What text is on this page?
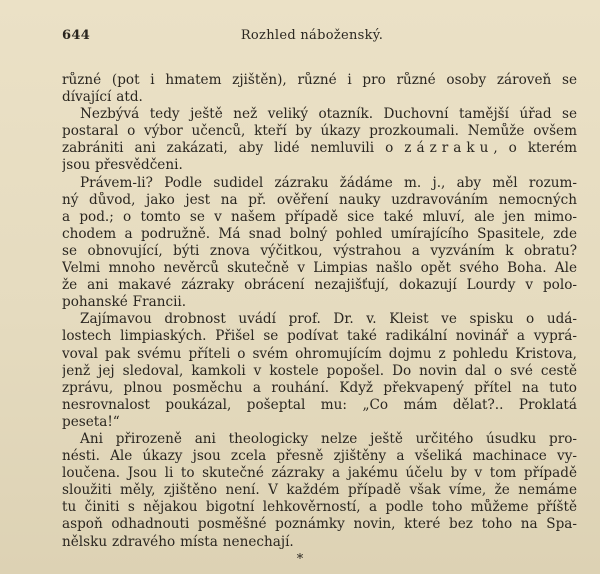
644	Rozhled náboženský.
různé (pot i hmatem zjištěn), různé i pro různé osoby zároveň se
dívající atd.
Nezbývá tedy ještě než veliký otazník. Duchovní tamější úřad se
postaral o výbor učenců, kteří by úkazy prozkoumali. Nemůže ovšem
zabrániti ani zakázati, aby lidé nemluvili o zázraku, o kterém
jsou přesvědčeni.
Právem-li? Podle sudidel zázraku žádáme m. j., aby měl rozum-
ný důvod, jako jest na př. ověření nauky uzdravováním nemocných
a pod.; o tomto se v našem případě sice také mluví, ale jen mimo-
chodem a podružně. Má snad bolný pohled umírajícího Spasitele, zde
se obnovující, býti znova výčitkou, výstrahou a vyzváním k obratu?
Velmi mnoho nevěrců skutečně v Limpias našlo opět svého Boha. Ale
že ani makavé zázraky obrácení nezajišťují, dokazují Lourdy v polo-
pohanské Francii.
Zajímavou drobnost uvádí prof. Dr. v. Kleist ve spisku o udá-
lostech limpiaských. Přišel se podívat také radikální novinář a vyprá-
voval pak svému příteli o svém ohromujícím dojmu z pohledu Kristova,
jenž jej sledoval, kamkoli v kostele popošel. Do novin dal o své cestě
zprávu, plnou posměchu a rouhání. Když překvapený přítel na tuto
nesrovnalost poukázal, pošeptal mu: „Co mám dělat?.. Proklatá
peseta!“
Ani přirozeně ani theologicky nelze ještě určitého úsudku pro-
nésti. Ale úkazy jsou zcela přesně zjištěny a všeliká machinace vy-
loučena. Jsou li to skutečné zázraky a jakému účelu by v tom případě
sloužiti měly, zjištěno není. V každém případě však víme, že nemáme
tu činiti s nějakou bigotní lehkověrností, a podle toho můžeme příště
aspoň odhadnouti posměšné poznámky novin, které bez toho na Spa-
nělsku zdravého místa nenechají.
*
